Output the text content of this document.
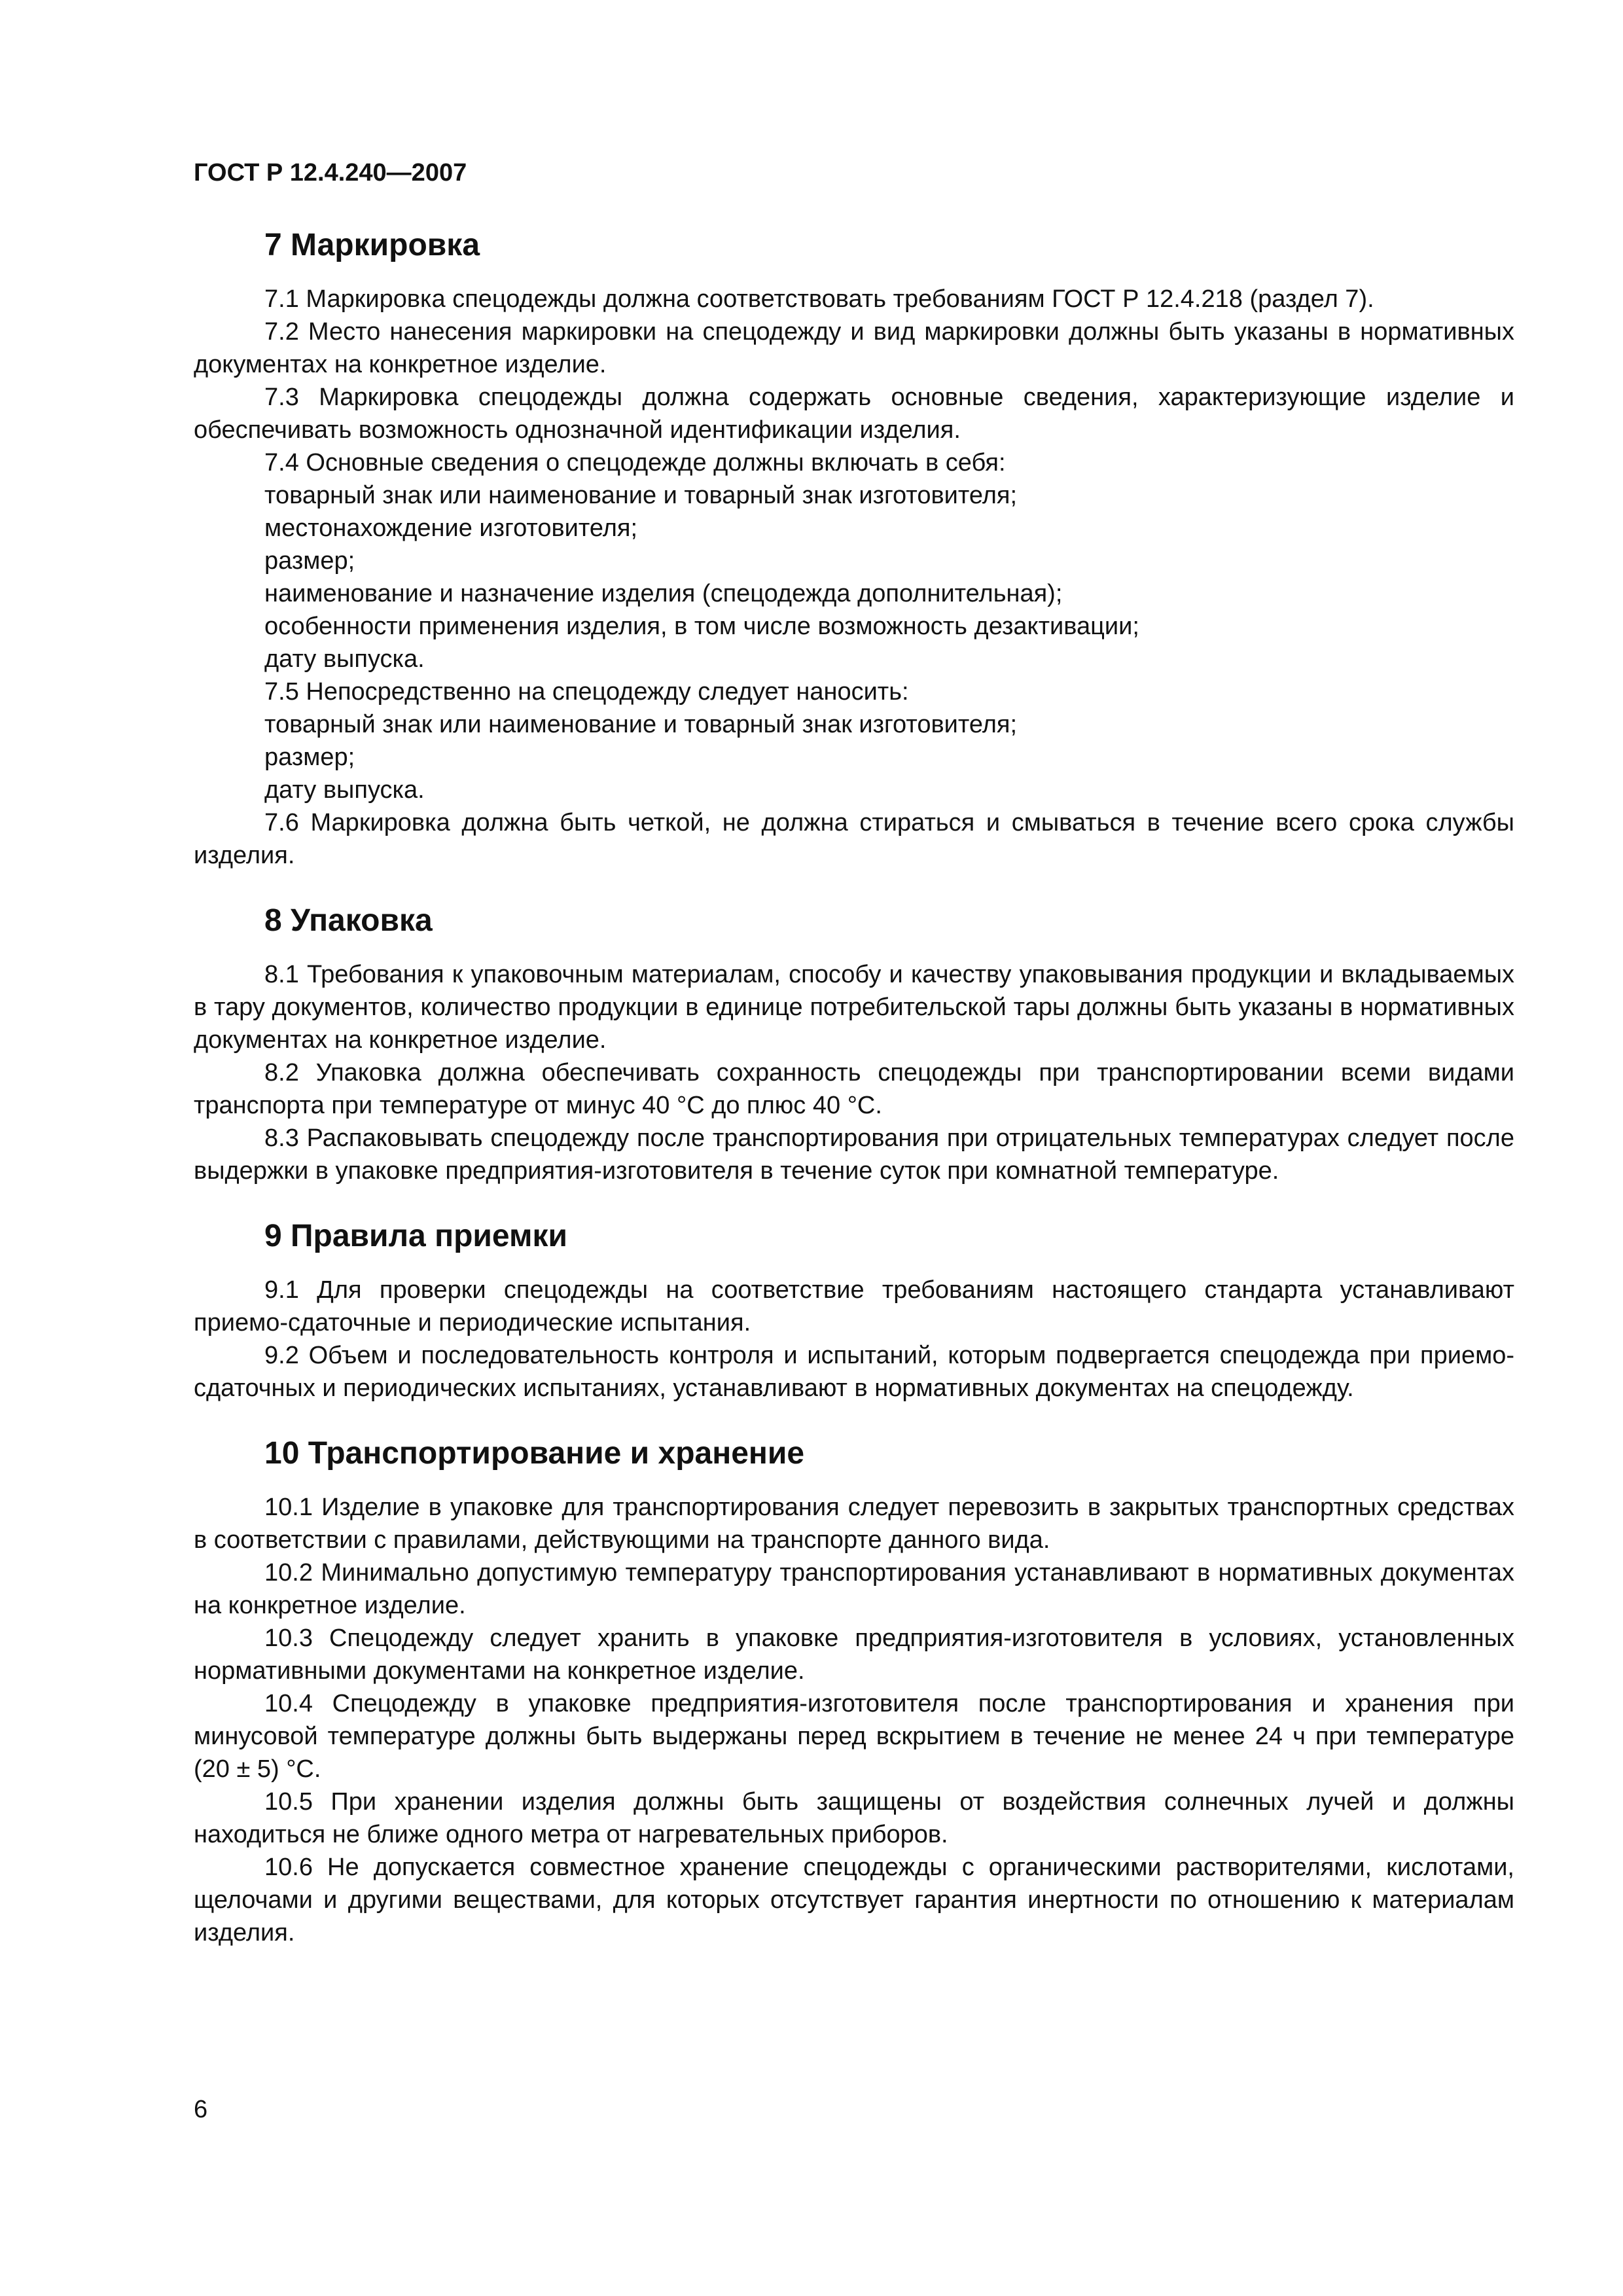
ГОСТ Р 12.4.240—2007
7 Маркировка

7.1 Маркировка спецодежды должна соответствовать требованиям ГОСТ Р 12.4.218 (раздел 7).

7.2 Место нанесения маркировки на спецодежду и вид маркировки должны быть указаны в нормативных документах на конкретное изделие.

7.3 Маркировка спецодежды должна содержать основные сведения, характеризующие изделие и обеспечивать возможность однозначной идентификации изделия.

7.4 Основные сведения о спецодежде должны включать в себя:

товарный знак или наименование и товарный знак изготовителя;
местонахождение изготовителя;
размер;
наименование и назначение изделия (спецодежда дополнительная);
особенности применения изделия, в том числе возможность дезактивации;
дату выпуска.

7.5 Непосредственно на спецодежду следует наносить:

товарный знак или наименование и товарный знак изготовителя;
размер;
дату выпуска.

7.6 Маркировка должна быть четкой, не должна стираться и смываться в течение всего срока службы изделия.

8 Упаковка

8.1 Требования к упаковочным материалам, способу и качеству упаковывания продукции и вкладываемых в тару документов, количество продукции в единице потребительской тары должны быть указаны в нормативных документах на конкретное изделие.

8.2 Упаковка должна обеспечивать сохранность спецодежды при транспортировании всеми видами транспорта при температуре от минус 40 °С до плюс 40 °С.

8.3 Распаковывать спецодежду после транспортирования при отрицательных температурах следует после выдержки в упаковке предприятия-изготовителя в течение суток при комнатной температуре.

9 Правила приемки

9.1 Для проверки спецодежды на соответствие требованиям настоящего стандарта устанавливают приемо-сдаточные и периодические испытания.

9.2 Объем и последовательность контроля и испытаний, которым подвергается спецодежда при приемо-сдаточных и периодических испытаниях, устанавливают в нормативных документах на спецодежду.

10 Транспортирование и хранение

10.1 Изделие в упаковке для транспортирования следует перевозить в закрытых транспортных средствах в соответствии с правилами, действующими на транспорте данного вида.

10.2 Минимально допустимую температуру транспортирования устанавливают в нормативных документах на конкретное изделие.

10.3 Спецодежду следует хранить в упаковке предприятия-изготовителя в условиях, установленных нормативными документами на конкретное изделие.

10.4 Спецодежду в упаковке предприятия-изготовителя после транспортирования и хранения при минусовой температуре должны быть выдержаны перед вскрытием в течение не менее 24 ч при температуре (20 ± 5) °С.

10.5 При хранении изделия должны быть защищены от воздействия солнечных лучей и должны находиться не ближе одного метра от нагревательных приборов.

10.6 Не допускается совместное хранение спецодежды с органическими растворителями, кислотами, щелочами и другими веществами, для которых отсутствует гарантия инертности по отношению к материалам изделия.

6
